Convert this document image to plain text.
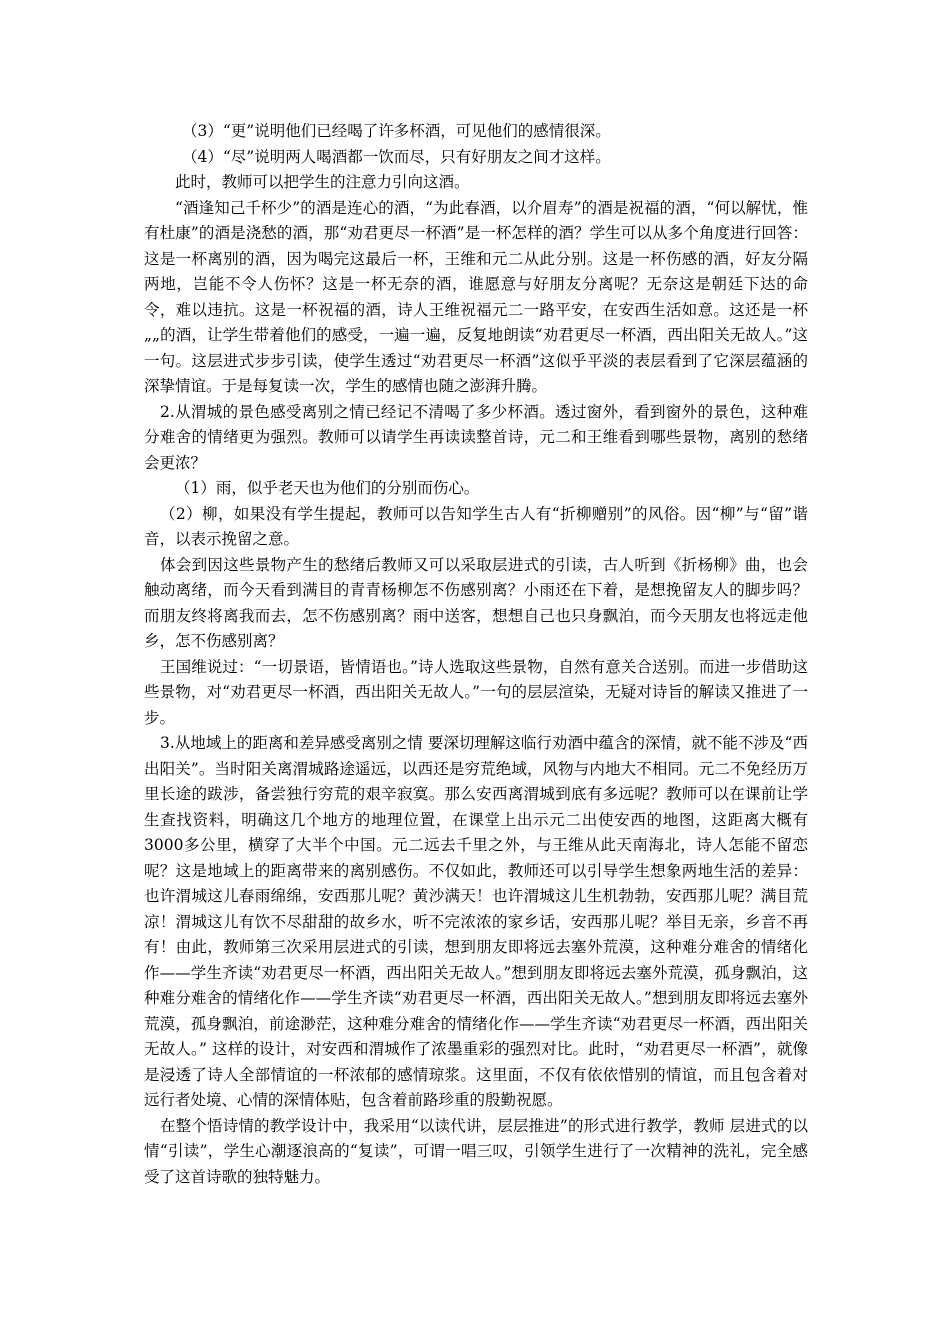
（3）“更”说明他们已经喝了许多杯酒，可见他们的感情很深。

（4）“尽”说明两人喝酒都一饮而尽，只有好朋友之间才这样。

此时，教师可以把学生的注意力引向这酒。

“酒逢知己千杯少”的酒是连心的酒，“为此春酒，以介眉寿”的酒是祝福的酒，“何以解忧，惟有杜康”的酒是浇愁的酒，那“劝君更尽一杯酒”是一杯怎样的酒？学生可以从多个角度进行回答：这是一杯离别的酒，因为喝完这最后一杯，王维和元二从此分别。这是一杯伤感的酒，好友分隔两地，岂能不令人伤怀？这是一杯无奈的酒，谁愿意与好朋友分离呢？无奈这是朝廷下达的命令，难以违抗。这是一杯祝福的酒，诗人王维祝福元二一路平安，在安西生活如意。这还是一杯„„的酒，让学生带着他们的感受，一遍一遍，反复地朗读“劝君更尽一杯酒，西出阳关无故人。”这一句。这层进式步步引读，使学生透过“劝君更尽一杯酒”这似乎平淡的表层看到了它深层蕴涵的深挚情谊。于是每复读一次，学生的感情也随之澎湃升腾。

2.从渭城的景色感受离别之情已经记不清喝了多少杯酒。透过窗外，看到窗外的景色，这种难分难舍的情绪更为强烈。教师可以请学生再读读整首诗，元二和王维看到哪些景物，离别的愁绪会更浓？

（1）雨，似乎老天也为他们的分别而伤心。

（2）柳，如果没有学生提起，教师可以告知学生古人有“折柳赠别”的风俗。因“柳”与“留”谐音，以表示挽留之意。

体会到因这些景物产生的愁绪后教师又可以采取层进式的引读，古人听到《折杨柳》曲，也会触动离绪，而今天看到满目的青青杨柳怎不伤感别离？小雨还在下着，是想挽留友人的脚步吗？而朋友终将离我而去，怎不伤感别离？雨中送客，想想自己也只身飘泊，而今天朋友也将远走他乡，怎不伤感别离？

王国维说过：“一切景语，皆情语也。”诗人选取这些景物，自然有意关合送别。而进一步借助这些景物，对“劝君更尽一杯酒，西出阳关无故人。”一句的层层渲染，无疑对诗旨的解读又推进了一步。

3.从地域上的距离和差异感受离别之情 要深切理解这临行劝酒中蕴含的深情，就不能不涉及“西出阳关”。当时阳关离渭城路途遥远，以西还是穷荒绝域，风物与内地大不相同。元二不免经历万里长途的跋涉，备尝独行穷荒的艰辛寂寞。那么安西离渭城到底有多远呢？教师可以在课前让学生查找资料，明确这几个地方的地理位置，在课堂上出示元二出使安西的地图，这距离大概有3000多公里，横穿了大半个中国。元二远去千里之外，与王维从此天南海北，诗人怎能不留恋呢？这是地域上的距离带来的离别感伤。不仅如此，教师还可以引导学生想象两地生活的差异：也许渭城这儿春雨绵绵，安西那儿呢？黄沙满天！也许渭城这儿生机勃勃，安西那儿呢？满目荒凉！渭城这儿有饮不尽甜甜的故乡水，听不完浓浓的家乡话，安西那儿呢？举目无亲，乡音不再有！由此，教师第三次采用层进式的引读，想到朋友即将远去塞外荒漠，这种难分难舍的情绪化作——学生齐读“劝君更尽一杯酒，西出阳关无故人。”想到朋友即将远去塞外荒漠，孤身飘泊，这种难分难舍的情绪化作——学生齐读“劝君更尽一杯酒，西出阳关无故人。”想到朋友即将远去塞外荒漠，孤身飘泊，前途渺茫，这种难分难舍的情绪化作——学生齐读“劝君更尽一杯酒，西出阳关无故人。” 这样的设计，对安西和渭城作了浓墨重彩的强烈对比。此时，“劝君更尽一杯酒”，就像是浸透了诗人全部情谊的一杯浓郁的感情琼浆。这里面，不仅有依依惜别的情谊，而且包含着对远行者处境、心情的深情体贴，包含着前路珍重的殷勤祝愿。

在整个悟诗情的教学设计中，我采用“以读代讲，层层推进”的形式进行教学，教师 层进式的以情“引读”，学生心潮逐浪高的“复读”，可谓一唱三叹，引领学生进行了一次精神的洗礼，完全感受了这首诗歌的独特魅力。
